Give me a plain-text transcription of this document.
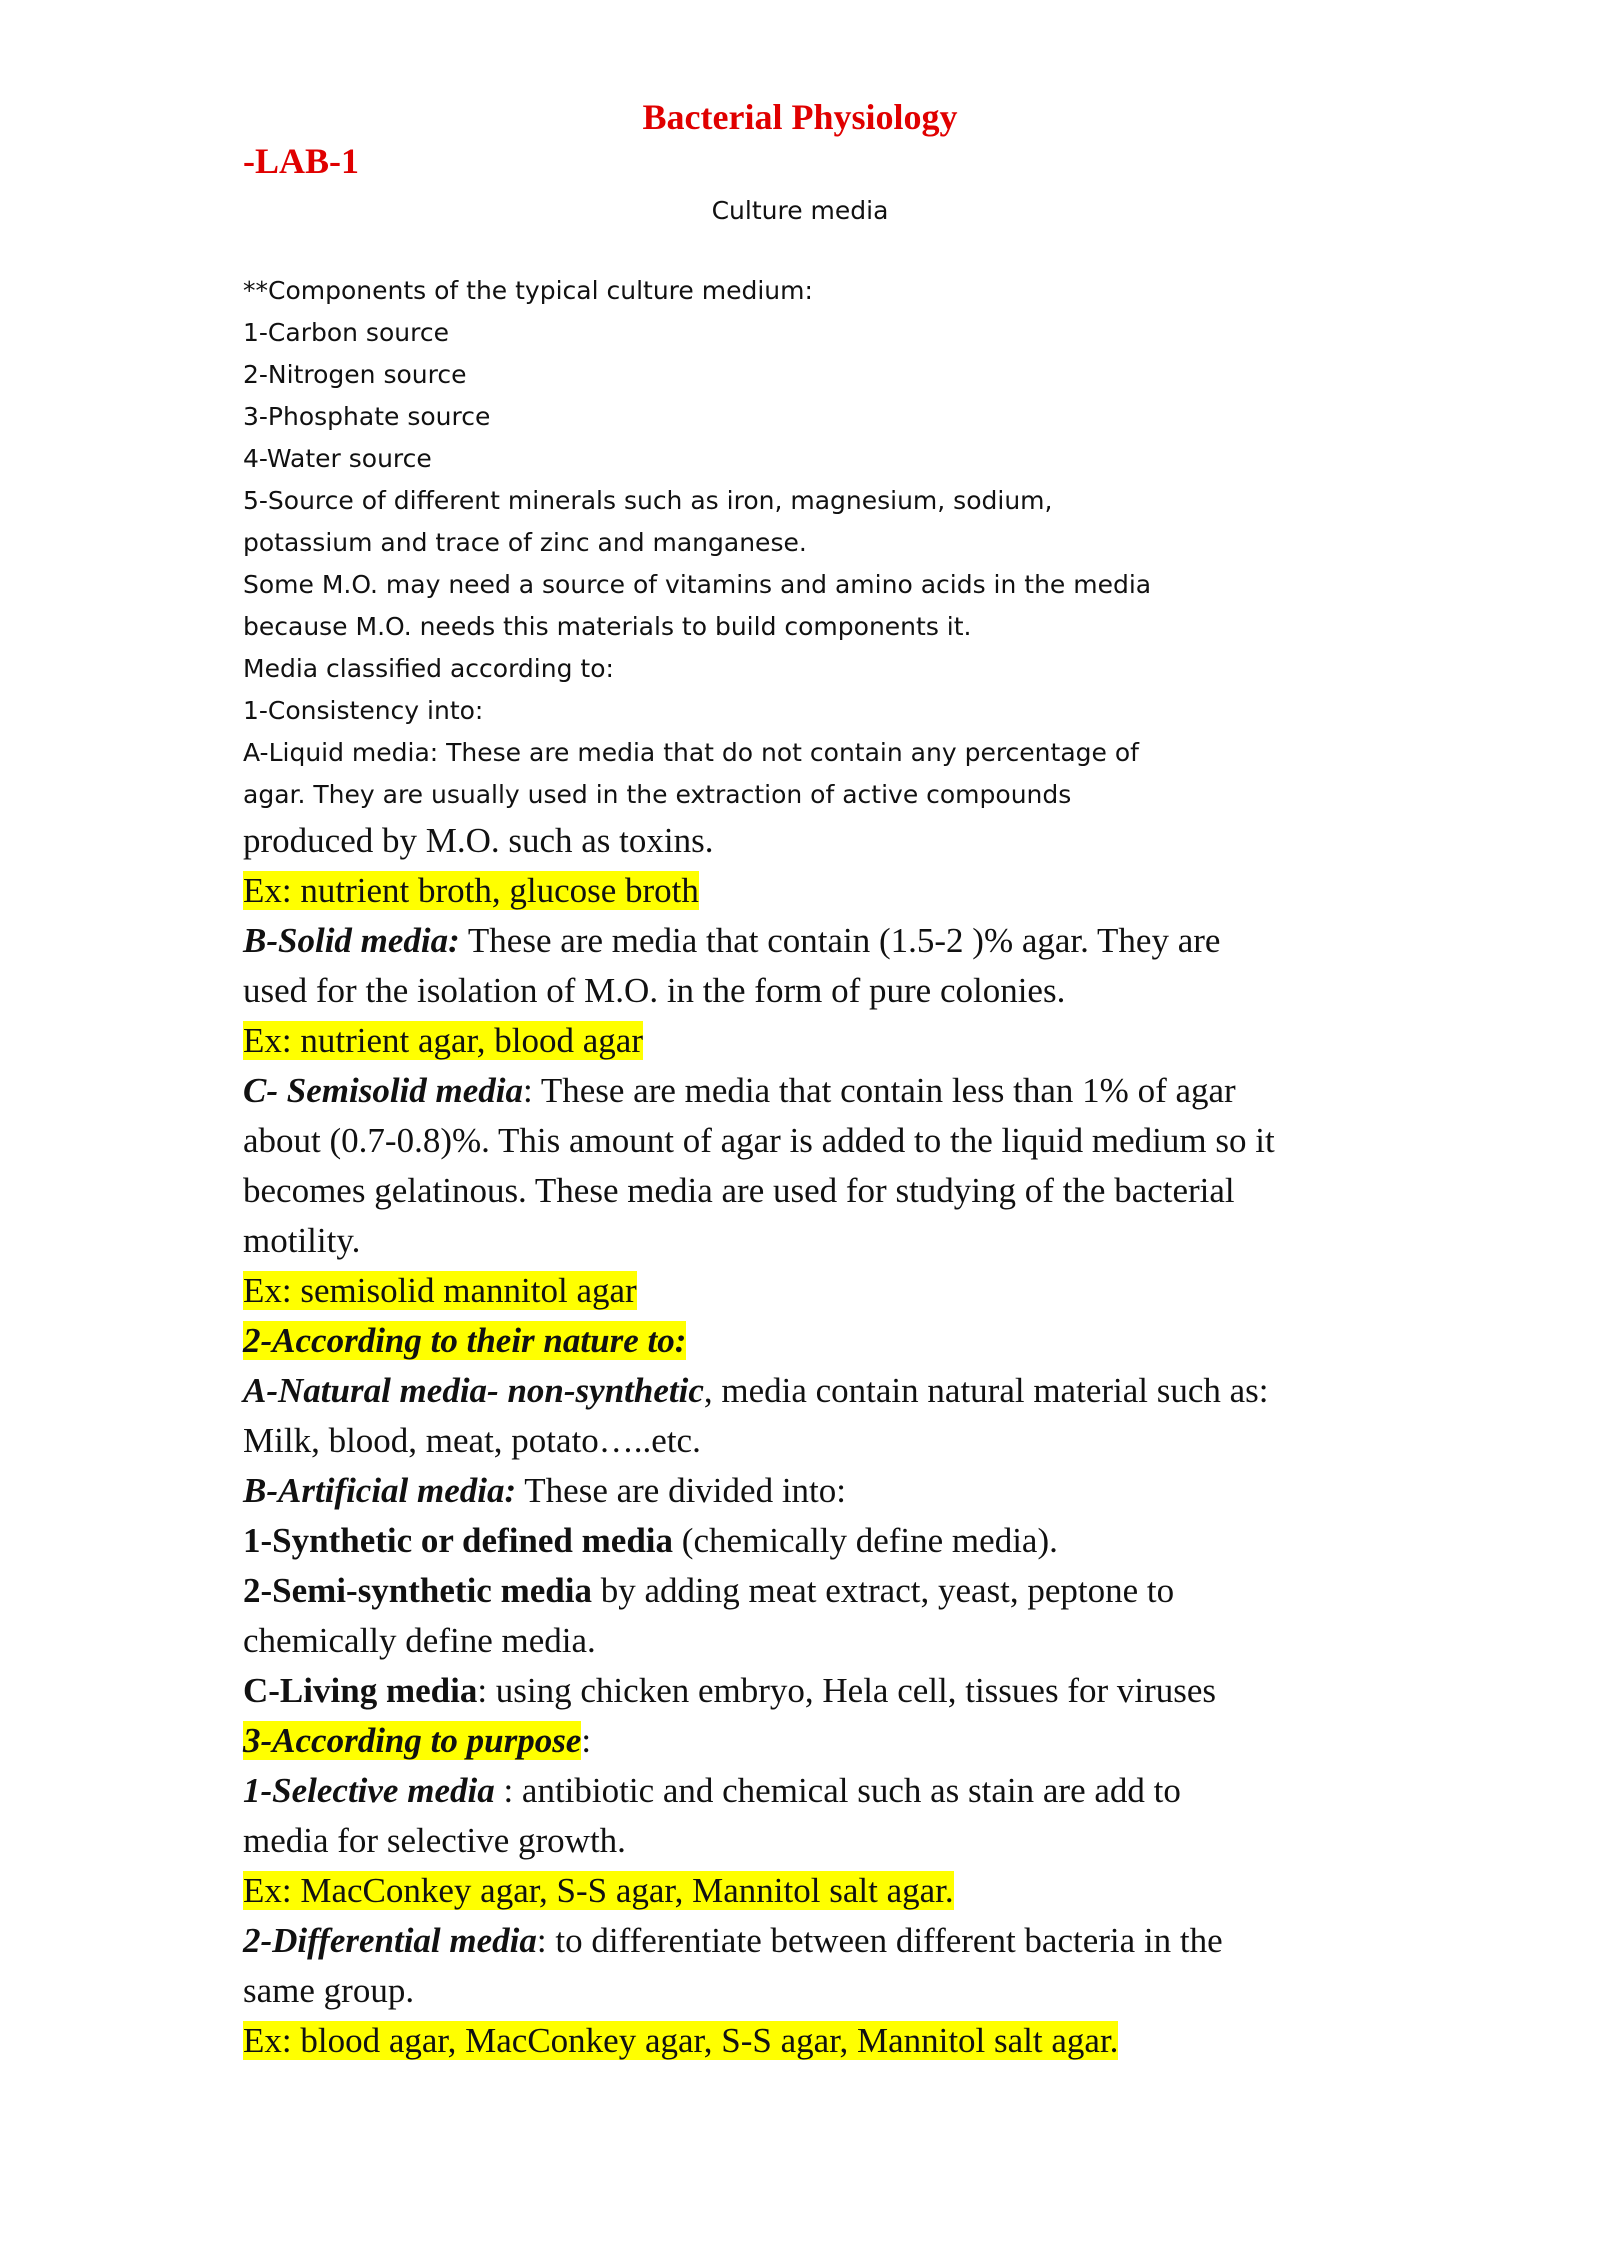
Bacterial Physiology
-LAB-1
Culture media
**Components of the typical culture medium:
1-Carbon source
2-Nitrogen source
3-Phosphate source
4-Water source
5-Source of different minerals such as iron, magnesium, sodium,
potassium and trace of zinc and manganese.
Some M.O. may need a source of vitamins and amino acids in the media
because M.O. needs this materials to build components it.
Media classified according to:
1-Consistency into:
A-Liquid media: These are media that do not contain any percentage of
agar. They are usually used in the extraction of active compounds
produced by M.O. such as toxins.
Ex: nutrient broth, glucose broth
B-Solid media: These are media that contain (1.5-2 )% agar. They are
used for the isolation of M.O. in the form of pure colonies.
Ex: nutrient agar, blood agar
C- Semisolid media: These are media that contain less than 1% of agar
about (0.7-0.8)%. This amount of agar is added to the liquid medium so it
becomes gelatinous. These media are used for studying of the bacterial
motility.
Ex: semisolid mannitol agar
2-According to their nature to:
A-Natural media- non-synthetic, media contain natural material such as:
Milk, blood, meat, potato…..etc.
B-Artificial media: These are divided into:
1-Synthetic or defined media (chemically define media).
2-Semi-synthetic media by adding meat extract, yeast, peptone to
chemically define media.
C-Living media: using chicken embryo, Hela cell, tissues for viruses
3-According to purpose:
1-Selective media : antibiotic and chemical such as stain are add to
media for selective growth.
Ex: MacConkey agar, S-S agar, Mannitol salt agar.
2-Differential media: to differentiate between different bacteria in the
same group.
Ex: blood agar, MacConkey agar, S-S agar, Mannitol salt agar.
